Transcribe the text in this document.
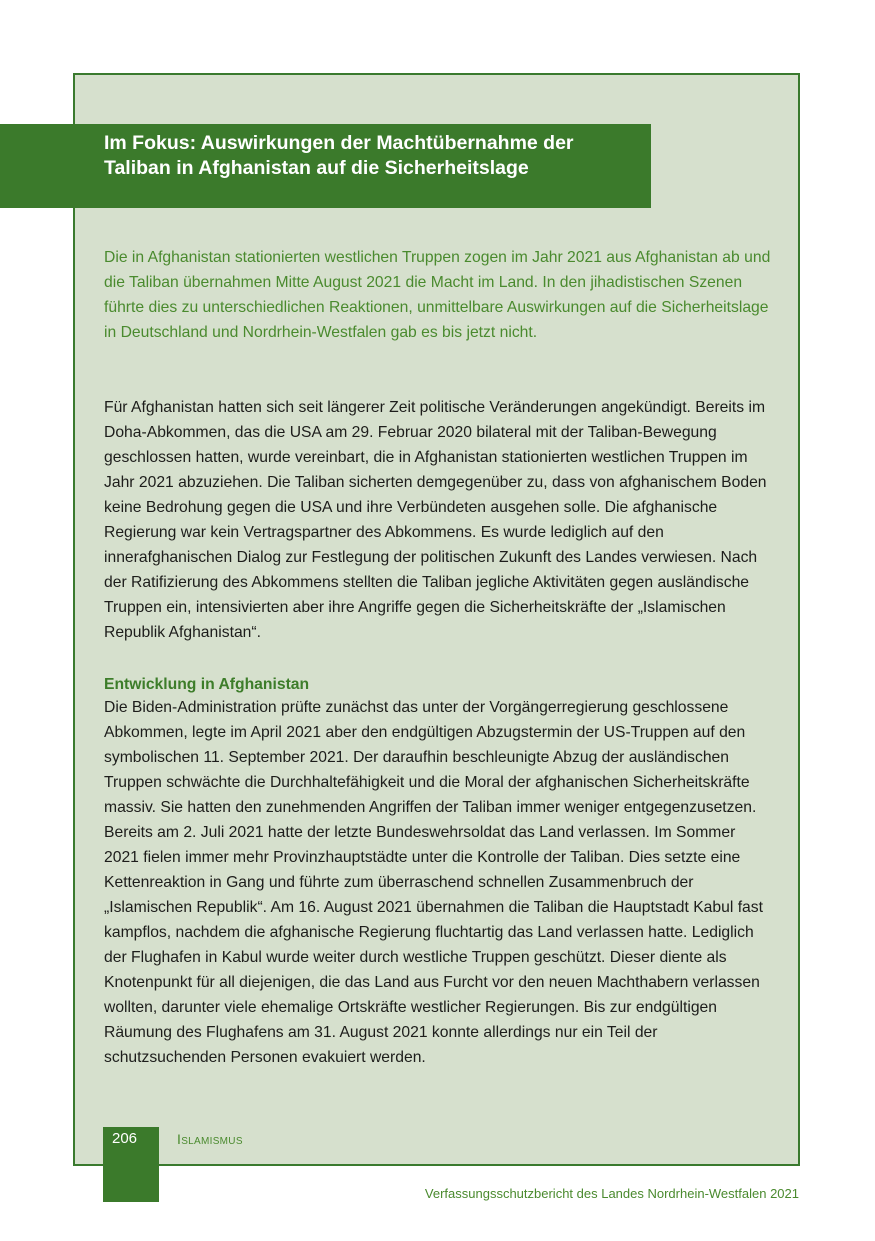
Im Fokus: Auswirkungen der Machtübernahme der Taliban in Afghanistan auf die Sicherheitslage

Die in Afghanistan stationierten westlichen Truppen zogen im Jahr 2021 aus Afghanistan ab und die Taliban übernahmen Mitte August 2021 die Macht im Land. In den jihadistischen Szenen führte dies zu unterschiedlichen Reaktionen, unmittelbare Auswirkungen auf die Sicherheitslage in Deutschland und Nordrhein-Westfalen gab es bis jetzt nicht.

Für Afghanistan hatten sich seit längerer Zeit politische Veränderungen angekündigt. Bereits im Doha-Abkommen, das die USA am 29. Februar 2020 bilateral mit der Taliban-Bewegung geschlossen hatten, wurde vereinbart, die in Afghanistan stationierten westlichen Truppen im Jahr 2021 abzuziehen. Die Taliban sicherten demgegenüber zu, dass von afghanischem Boden keine Bedrohung gegen die USA und ihre Verbündeten ausgehen solle. Die afghanische Regierung war kein Vertragspartner des Abkommens. Es wurde lediglich auf den innerafghanischen Dialog zur Festlegung der politischen Zukunft des Landes verwiesen. Nach der Ratifizierung des Abkommens stellten die Taliban jegliche Aktivitäten gegen ausländische Truppen ein, intensivierten aber ihre Angriffe gegen die Sicherheitskräfte der „Islamischen Republik Afghanistan“.

Entwicklung in Afghanistan

Die Biden-Administration prüfte zunächst das unter der Vorgängerregierung geschlossene Abkommen, legte im April 2021 aber den endgültigen Abzugstermin der US-Truppen auf den symbolischen 11. September 2021. Der daraufhin beschleunigte Abzug der ausländischen Truppen schwächte die Durchhaltefähigkeit und die Moral der afghanischen Sicherheitskräfte massiv. Sie hatten den zunehmenden Angriffen der Taliban immer weniger entgegenzusetzen. Bereits am 2. Juli 2021 hatte der letzte Bundeswehrsoldat das Land verlassen. Im Sommer 2021 fielen immer mehr Provinzhauptstädte unter die Kontrolle der Taliban. Dies setzte eine Kettenreaktion in Gang und führte zum überraschend schnellen Zusammenbruch der „Islamischen Republik“. Am 16. August 2021 übernahmen die Taliban die Hauptstadt Kabul fast kampflos, nachdem die afghanische Regierung fluchtartig das Land verlassen hatte. Lediglich der Flughafen in Kabul wurde weiter durch westliche Truppen geschützt. Dieser diente als Knotenpunkt für all diejenigen, die das Land aus Furcht vor den neuen Machthabern verlassen wollten, darunter viele ehemalige Ortskräfte westlicher Regierungen. Bis zur endgültigen Räumung des Flughafens am 31. August 2021 konnte allerdings nur ein Teil der schutzsuchenden Personen evakuiert werden.

206	Islamismus
Verfassungsschutzbericht des Landes Nordrhein-Westfalen 2021
